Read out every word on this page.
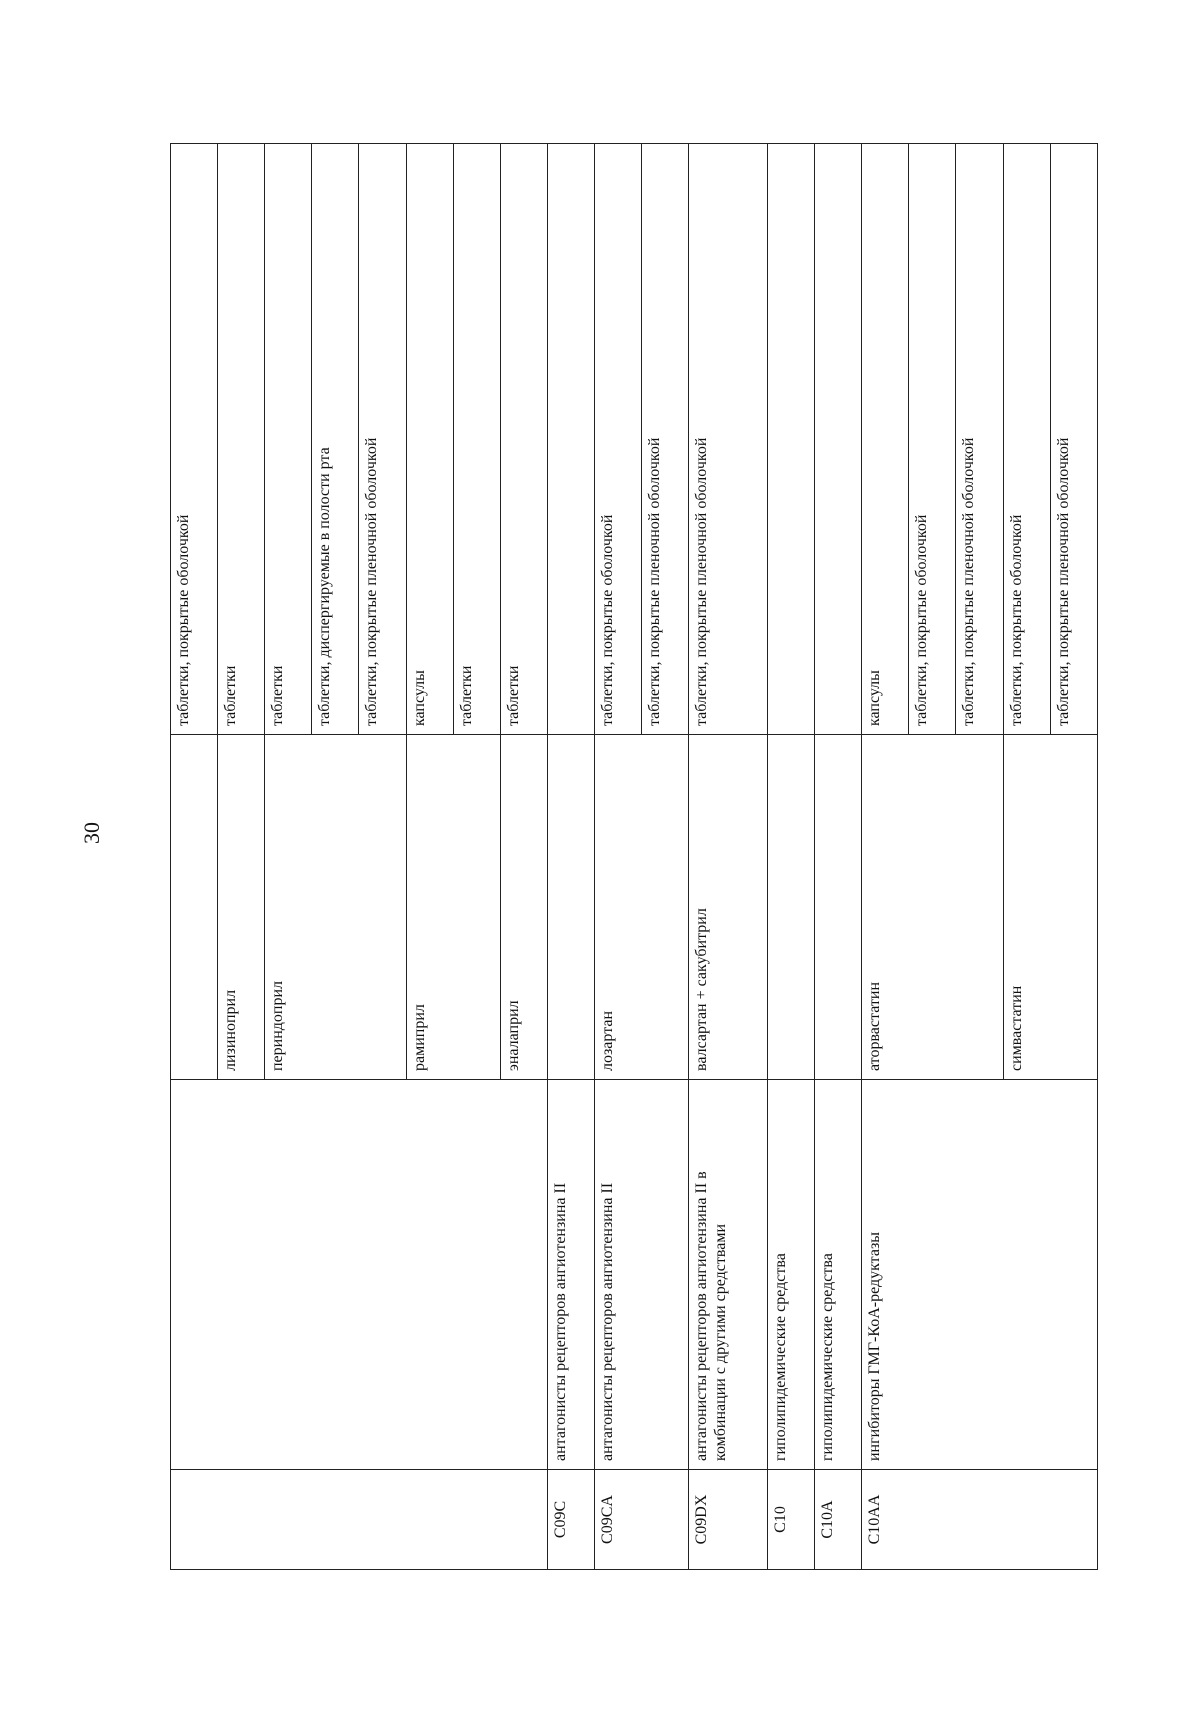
30
			таблетки, покрытые оболочкой
		лизиноприл	таблетки
		периндоприл	таблетки
			таблетки, диспергируемые в полости рта
			таблетки, покрытые пленочной оболочкой
		рамиприл	капсулы
			таблетки
		эналаприл	таблетки
C09C	антагонисты рецепторов ангиотензина II		
C09CA	антагонисты рецепторов ангиотензина II	лозартан	таблетки, покрытые оболочкой
			таблетки, покрытые пленочной оболочкой
C09DX	антагонисты рецепторов ангиотензина II в комбинации с другими средствами	валсартан + сакубитрил	таблетки, покрытые пленочной оболочкой
C10	гиполипидемические средства		
C10A	гиполипидемические средства		
C10AA	ингибиторы ГМГ-КоА-редуктазы	аторвастатин	капсулы
			таблетки, покрытые оболочкой
			таблетки, покрытые пленочной оболочкой
		симвастатин	таблетки, покрытые оболочкой
			таблетки, покрытые пленочной оболочкой
